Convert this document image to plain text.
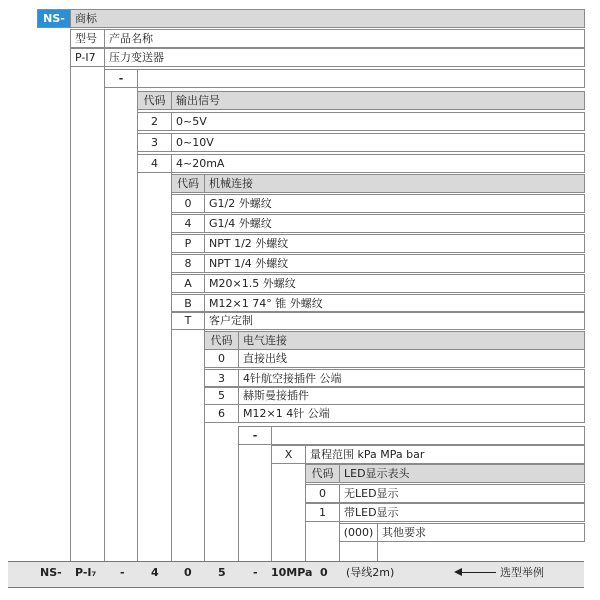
NS- 商标
型号	产品名称
P-I7	压力变送器
-
代码 输出信号
2	0~5V
3	0~10V
4	4~20mA
代码 机械连接
0	G1/2 外螺纹
4	G1/4 外螺纹
P	NPT 1/2 外螺纹
8	NPT 1/4 外螺纹
A	M20×1.5 外螺纹
B	M12×1 74° 锥 外螺纹
T	客户定制
代码 电气连接
0	直接出线
3	4针航空接插件 公端
5	赫斯曼接插件
6	M12×1 4针 公端
-
X	量程范围 kPa MPa bar
代码 LED显示表头
0	无LED显示
1	带LED显示
(000) 其他要求
NS- P-I₇ - 4 0 5 - 10MPa 0 (导线2m)	选型举例
